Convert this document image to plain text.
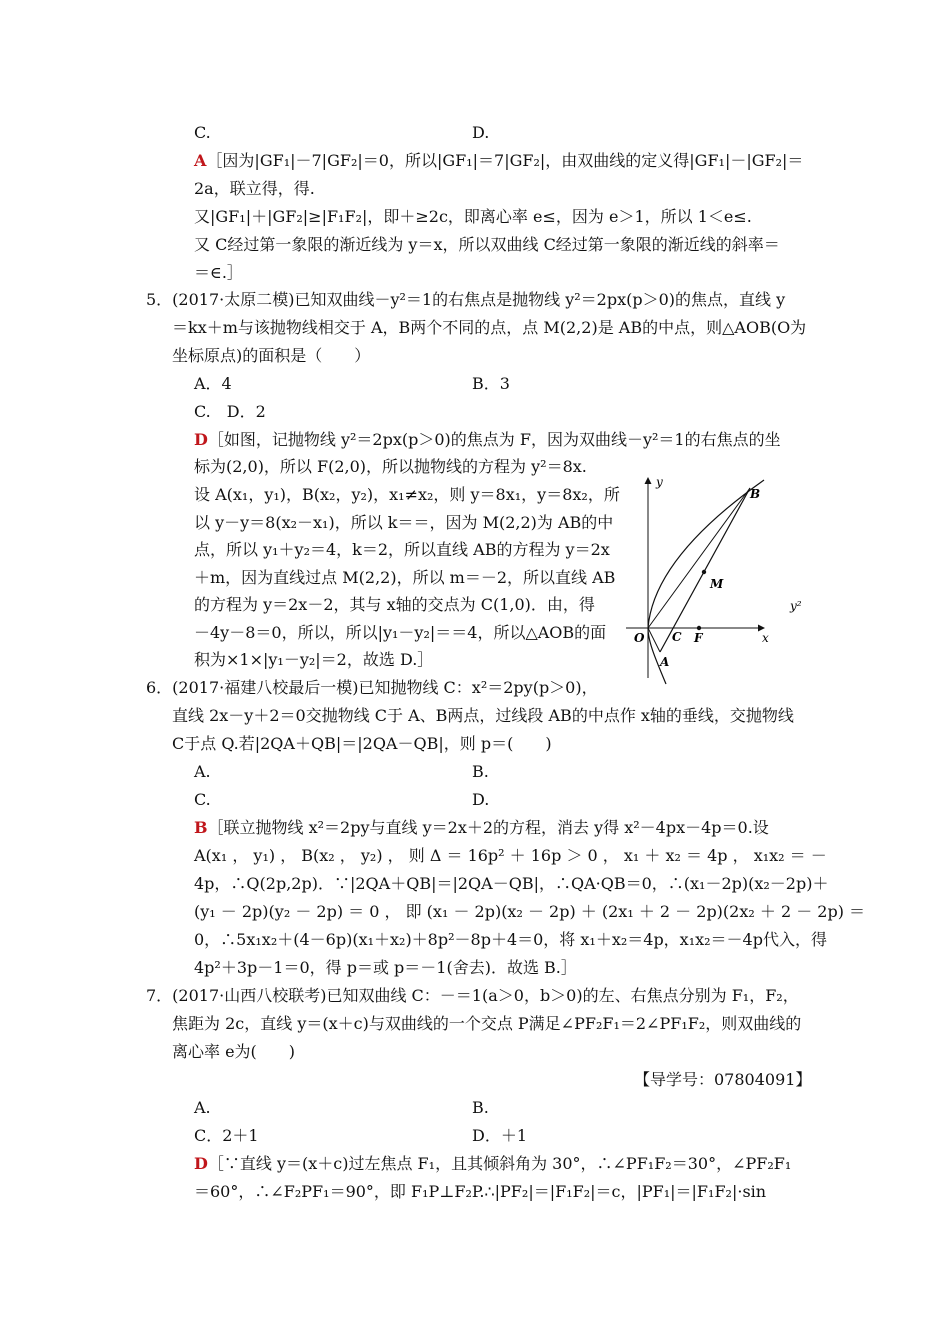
C.	D.
A［因为|GF₁|－7|GF₂|＝0，所以|GF₁|＝7|GF₂|，由双曲线的定义得|GF₁|－|GF₂|＝
2a，联立得，得.
又|GF₁|＋|GF₂|≥|F₁F₂|，即＋≥2c，即离心率 e≤，因为 e＞1，所以 1＜e≤.
又 C经过第一象限的渐近线为 y＝x，所以双曲线 C经过第一象限的渐近线的斜率＝
＝∈.］
5．(2017·太原二模)已知双曲线－y²＝1的右焦点是抛物线 y²＝2px(p＞0)的焦点，直线 y
＝kx＋m与该抛物线相交于 A，B两个不同的点，点 M(2,2)是 AB的中点，则△AOB(O为
坐标原点)的面积是（　　）
A．4	B．3
C.　D．2
D［如图，记抛物线 y²＝2px(p＞0)的焦点为 F，因为双曲线－y²＝1的右焦点的坐
标为(2,0)，所以 F(2,0)，所以抛物线的方程为 y²＝8x.
设 A(x₁，y₁)，B(x₂，y₂)，x₁≠x₂，则 y＝8x₁，y＝8x₂，所
以 y－y＝8(x₂－x₁)，所以 k＝＝，因为 M(2,2)为 AB的中
点，所以 y₁＋y₂＝4，k＝2，所以直线 AB的方程为 y＝2x
＋m，因为直线过点 M(2,2)，所以 m＝－2，所以直线 AB
的方程为 y＝2x－2，其与 x轴的交点为 C(1,0)．由，得
－4y－8＝0，所以，所以|y₁－y₂|＝＝4，所以△AOB的面
积为×1×|y₁－y₂|＝2，故选 D.］
y
x
O C F
M
A
B
y²
6．(2017·福建八校最后一模)已知抛物线 C：x²＝2py(p＞0)，
直线 2x－y＋2＝0交抛物线 C于 A、B两点，过线段 AB的中点作 x轴的垂线，交抛物线
C于点 Q.若|2QA＋QB|＝|2QA－QB|，则 p＝(　　)
A.	B.
C.	D.
B［联立抛物线 x²＝2py与直线 y＝2x＋2的方程，消去 y得 x²－4px－4p＝0.设
A(x₁ ， y₁) ， B(x₂ ， y₂) ， 则 Δ ＝ 16p² ＋ 16p ＞ 0 ， x₁ ＋ x₂ ＝ 4p ， x₁x₂ ＝ －
4p，∴Q(2p,2p)．∵|2QA＋QB|＝|2QA－QB|，∴QA·QB＝0，∴(x₁－2p)(x₂－2p)＋
(y₁ － 2p)(y₂ － 2p) ＝ 0 ， 即 (x₁ － 2p)(x₂ － 2p) ＋ (2x₁ ＋ 2 － 2p)(2x₂ ＋ 2 － 2p) ＝
0，∴5x₁x₂＋(4－6p)(x₁＋x₂)＋8p²－8p＋4＝0，将 x₁＋x₂＝4p，x₁x₂＝－4p代入，得
4p²＋3p－1＝0，得 p＝或 p＝－1(舍去)．故选 B.］
7．(2017·山西八校联考)已知双曲线 C：－＝1(a＞0，b＞0)的左、右焦点分别为 F₁，F₂，
焦距为 2c，直线 y＝(x＋c)与双曲线的一个交点 P满足∠PF₂F₁＝2∠PF₁F₂，则双曲线的
离心率 e为(　　)
【导学号：07804091】
A.	B.
C．2＋1	D．＋1
D［∵直线 y＝(x＋c)过左焦点 F₁，且其倾斜角为 30°，∴∠PF₁F₂＝30°，∠PF₂F₁
＝60°，∴∠F₂PF₁＝90°，即 F₁P⊥F₂P.∴|PF₂|＝|F₁F₂|＝c，|PF₁|＝|F₁F₂|·sin
